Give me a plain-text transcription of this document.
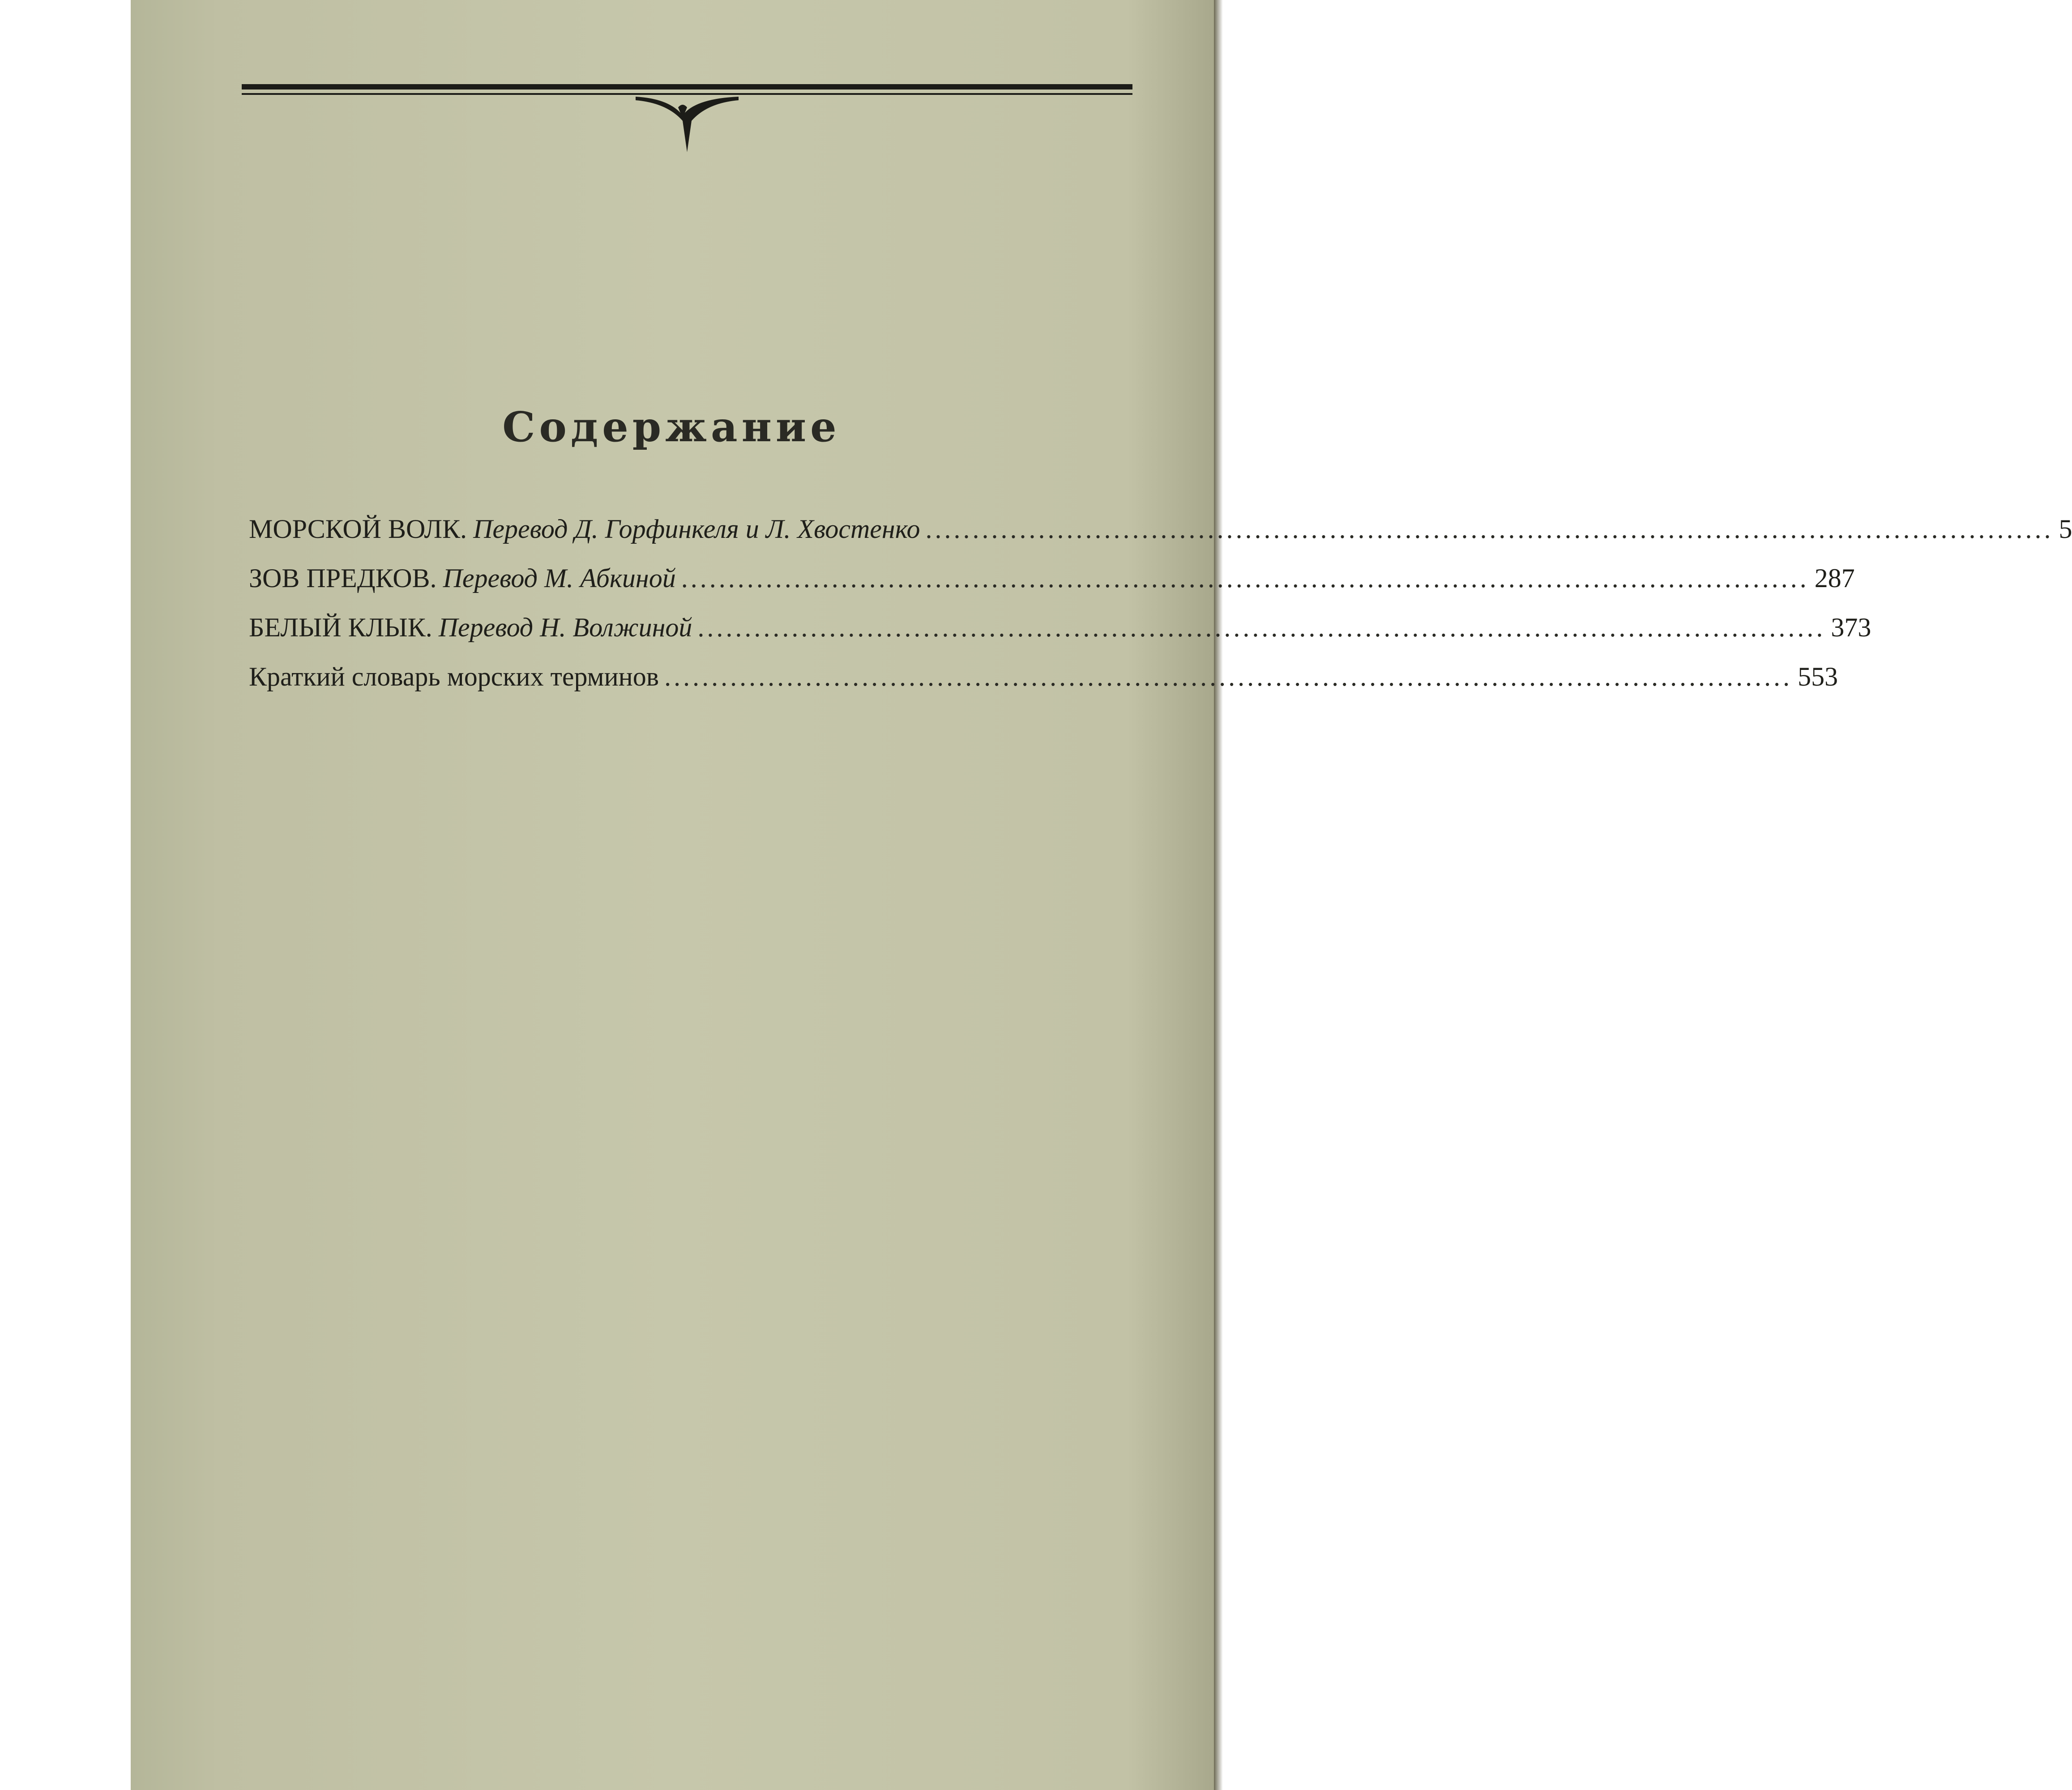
Содержание
МОРСКОЙ ВОЛК. Перевод Д. Горфинкеля и Л. Хвостенко ........................................................................................................................ 5
ЗОВ ПРЕДКОВ. Перевод М. Абкиной ........................................................................................................................ 287
БЕЛЫЙ КЛЫК. Перевод Н. Волжиной ........................................................................................................................ 373
Краткий словарь морских терминов ........................................................................................................................ 553
